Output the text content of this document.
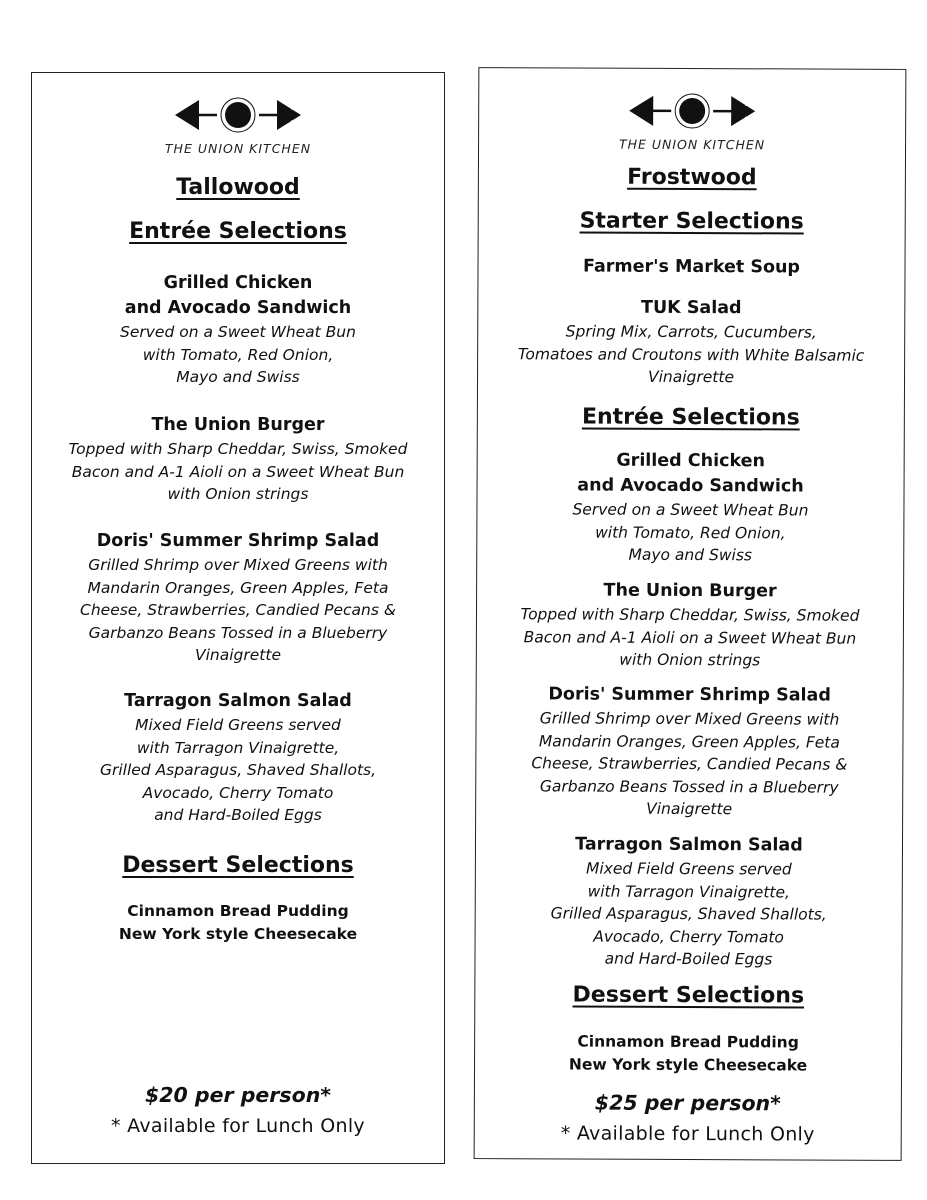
THE UNION KITCHEN
Tallowood
Entrée Selections
Grilled Chicken
and Avocado Sandwich
Served on a Sweet Wheat Bun
with Tomato, Red Onion,
Mayo and Swiss
The Union Burger
Topped with Sharp Cheddar, Swiss, Smoked
Bacon and A-1 Aioli on a Sweet Wheat Bun
with Onion strings
Doris' Summer Shrimp Salad
Grilled Shrimp over Mixed Greens with
Mandarin Oranges, Green Apples, Feta
Cheese, Strawberries, Candied Pecans &
Garbanzo Beans Tossed in a Blueberry
Vinaigrette
Tarragon Salmon Salad
Mixed Field Greens served
with Tarragon Vinaigrette,
Grilled Asparagus, Shaved Shallots,
Avocado, Cherry Tomato
and Hard-Boiled Eggs
Dessert Selections
Cinnamon Bread Pudding
New York style Cheesecake
$20 per person*
* Available for Lunch Only
THE UNION KITCHEN
Frostwood
Starter Selections
Farmer's Market Soup
TUK Salad
Spring Mix, Carrots, Cucumbers,
Tomatoes and Croutons with White Balsamic
Vinaigrette
Entrée Selections
Grilled Chicken
and Avocado Sandwich
Served on a Sweet Wheat Bun
with Tomato, Red Onion,
Mayo and Swiss
The Union Burger
Topped with Sharp Cheddar, Swiss, Smoked
Bacon and A-1 Aioli on a Sweet Wheat Bun
with Onion strings
Doris' Summer Shrimp Salad
Grilled Shrimp over Mixed Greens with
Mandarin Oranges, Green Apples, Feta
Cheese, Strawberries, Candied Pecans &
Garbanzo Beans Tossed in a Blueberry
Vinaigrette
Tarragon Salmon Salad
Mixed Field Greens served
with Tarragon Vinaigrette,
Grilled Asparagus, Shaved Shallots,
Avocado, Cherry Tomato
and Hard-Boiled Eggs
Dessert Selections
Cinnamon Bread Pudding
New York style Cheesecake
$25 per person*
* Available for Lunch Only
